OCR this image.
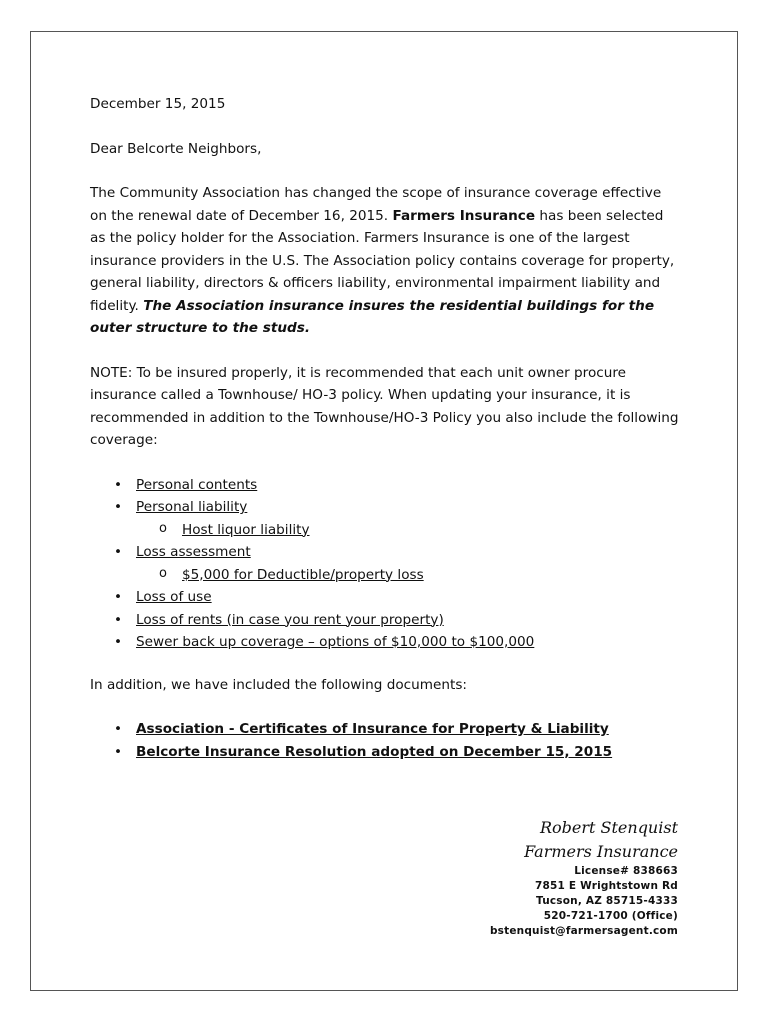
December 15, 2015

Dear Belcorte Neighbors,

The Community Association has changed the scope of insurance coverage effective on the renewal date of December 16, 2015. Farmers Insurance has been selected as the policy holder for the Association. Farmers Insurance is one of the largest insurance providers in the U.S. The Association policy contains coverage for property, general liability, directors & officers liability, environmental impairment liability and fidelity. The Association insurance insures the residential buildings for the outer structure to the studs.

NOTE: To be insured properly, it is recommended that each unit owner procure insurance called a Townhouse/ HO-3 policy. When updating your insurance, it is recommended in addition to the Townhouse/HO-3 Policy you also include the following coverage:

• Personal contents
• Personal liability
o Host liquor liability
• Loss assessment
o $5,000 for Deductible/property loss
• Loss of use
• Loss of rents (in case you rent your property)
• Sewer back up coverage – options of $10,000 to $100,000

In addition, we have included the following documents:

• Association - Certificates of Insurance for Property & Liability
• Belcorte Insurance Resolution adopted on December 15, 2015
Robert Stenquist
Farmers Insurance
License# 838663
7851 E Wrightstown Rd
Tucson, AZ 85715-4333
520-721-1700 (Office)
bstenquist@farmersagent.com
